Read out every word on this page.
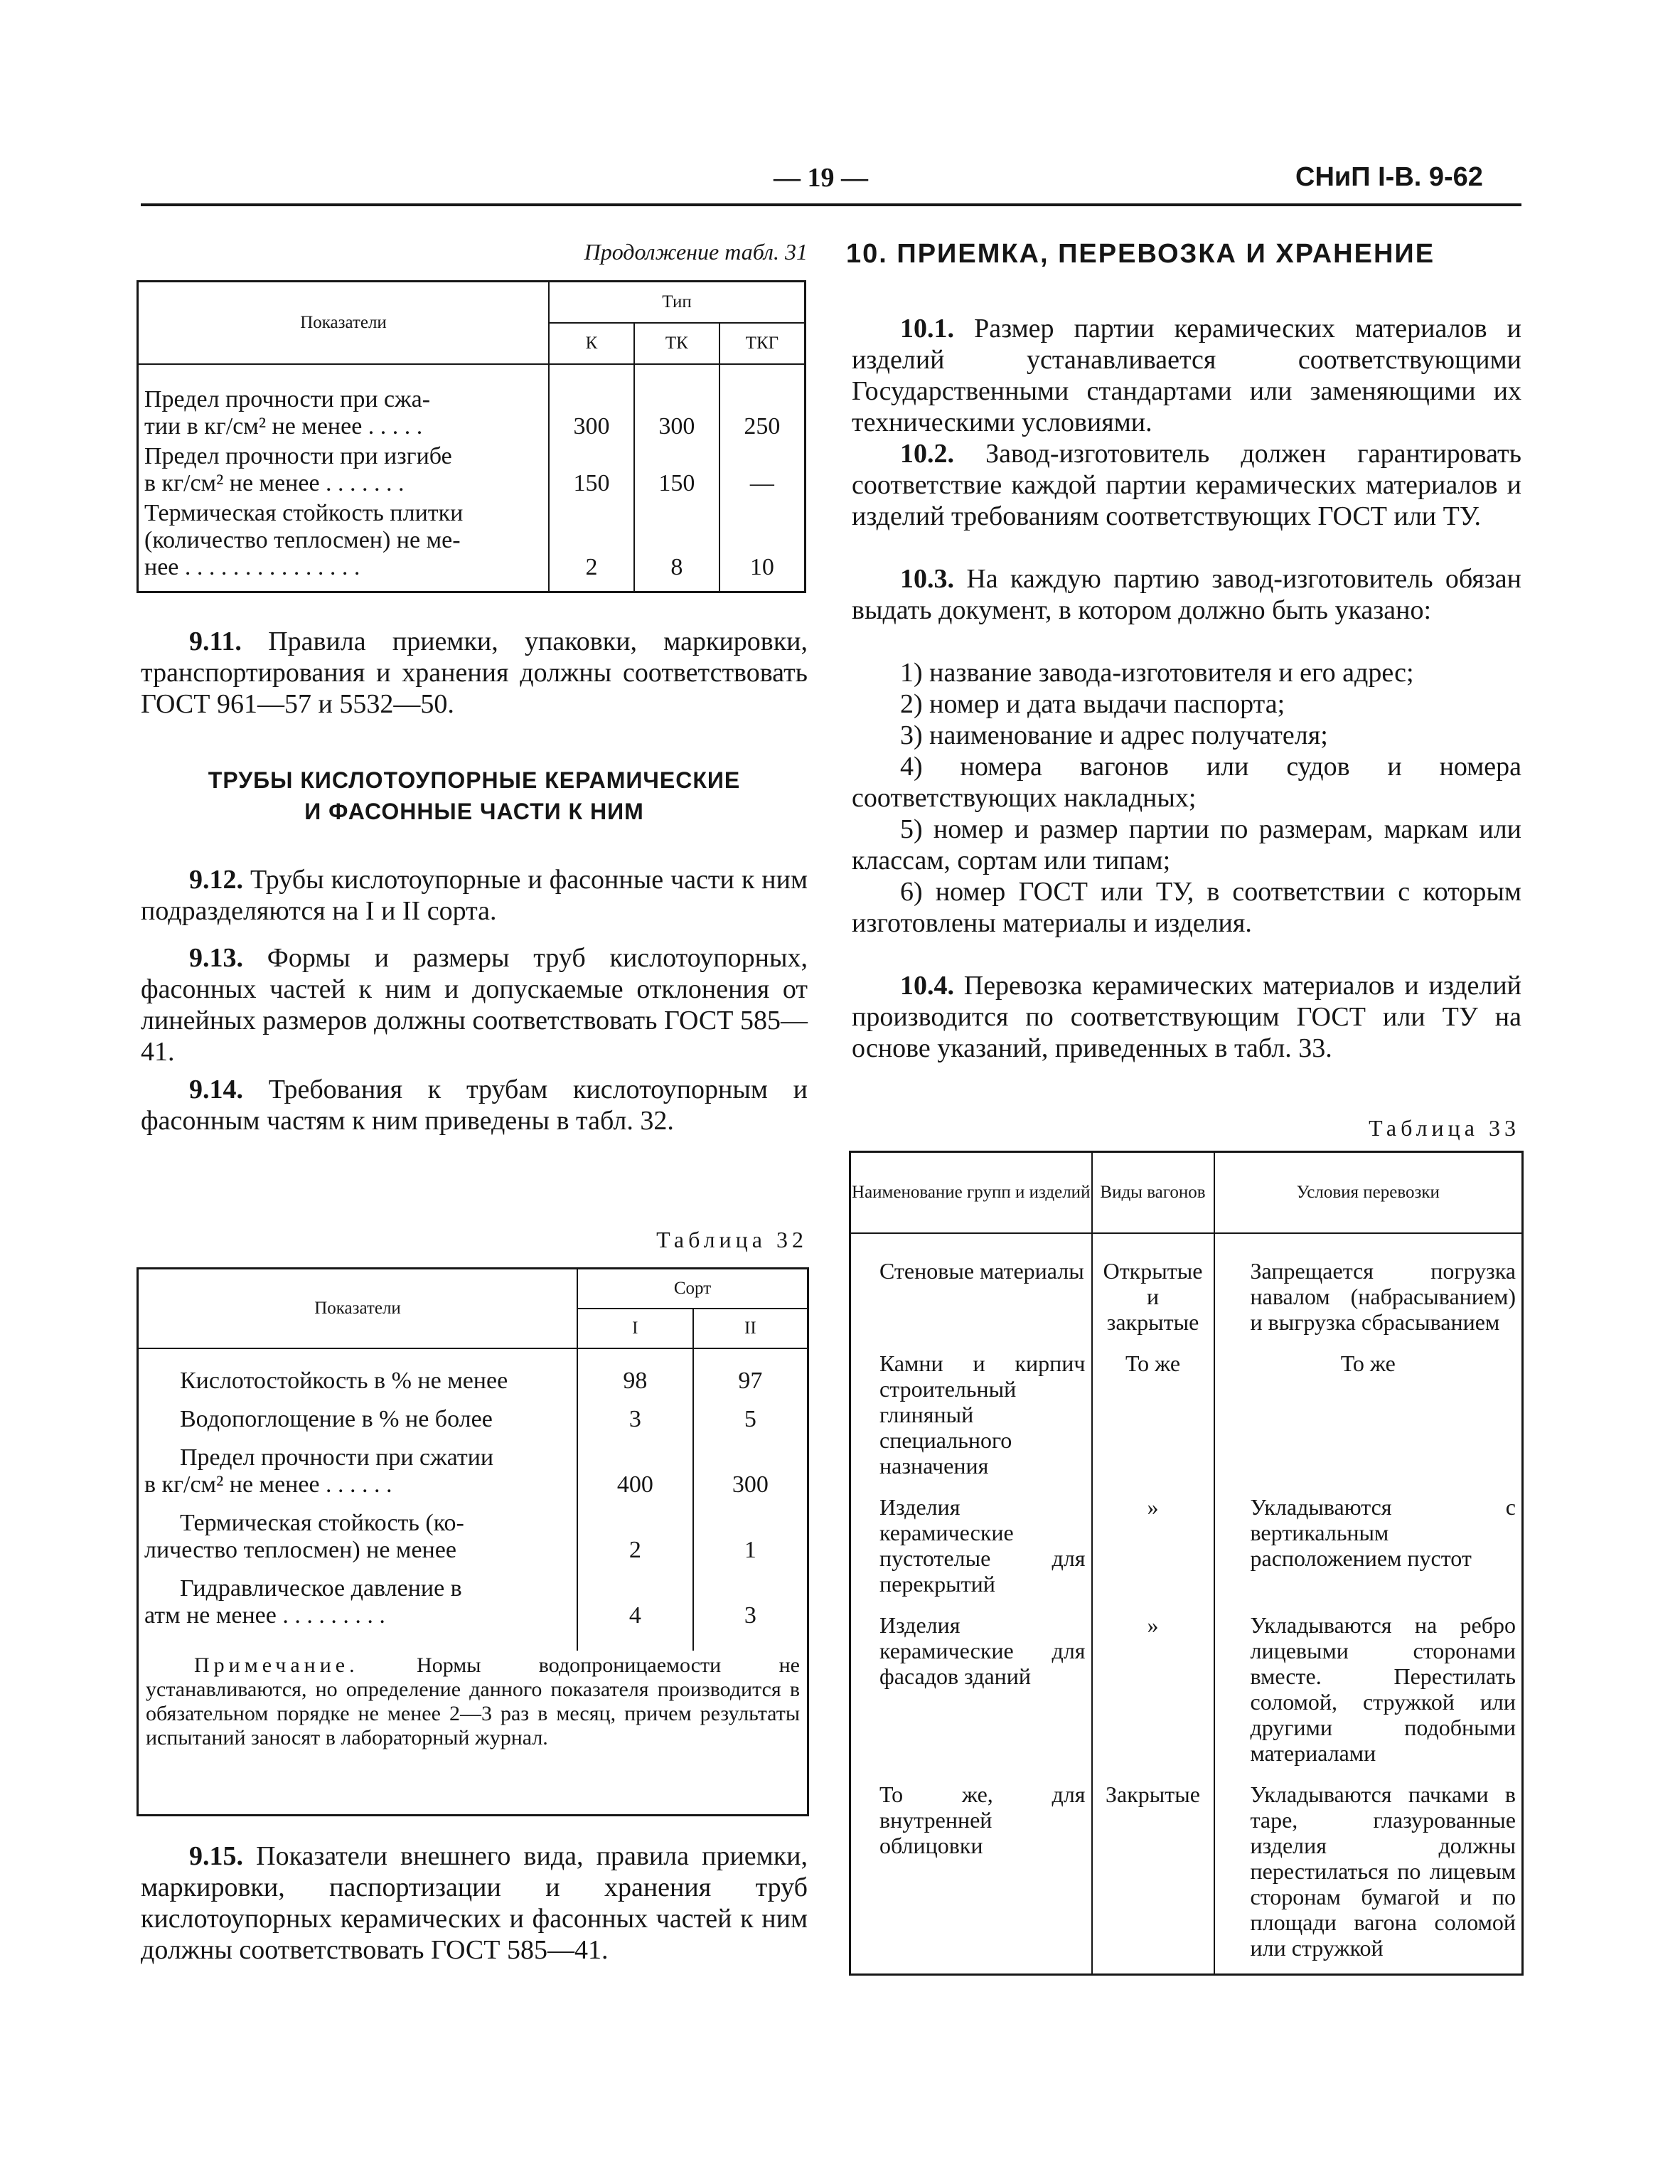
— 19 —	СНиП I-В. 9-62
Продолжение табл. 31
Показатели	Тип		
	К	ТК	ТКГ

Предел прочности при сжа-
тии в кг/см² не менее . . . . .	300	300	250

Предел прочности при изгибе
в кг/см² не менее . . . . . . .	150	150	—

Термическая стойкость плитки
(количество теплосмен) не ме-
нее . . . . . . . . . . . . . . .	2	8	10

9.11. Правила приемки, упаковки, маркировки, транспортирования и хранения должны соответствовать ГОСТ 961—57 и 5532—50.

ТРУБЫ КИСЛОТОУПОРНЫЕ КЕРАМИЧЕСКИЕ
И ФАСОННЫЕ ЧАСТИ К НИМ

9.12. Трубы кислотоупорные и фасонные части к ним подразделяются на I и II сорта.

9.13. Формы и размеры труб кислотоупорных, фасонных частей к ним и допускаемые отклонения от линейных размеров должны соответствовать ГОСТ 585—41.

9.14. Требования к трубам кислотоупорным и фасонным частям к ним приведены в табл. 32.

Таблица 32
Показатели	Сорт	
	I	II
Кислотостойкость в % не менее	98	97
Водопоглощение в % не более	3	5

Предел прочности при сжатии
в кг/см² не менее . . . . . .	400	300

Термическая стойкость (ко-
личество теплосмен) не менее	2	1

Гидравлическое давление в
атм не менее . . . . . . . . .	4	3
Примечание.	Нормы водопроницаемости не устанавливаются, но определение данного показателя производится в обязательном порядке не менее 2—3 раз в месяц, причем результаты испытаний заносят в лабораторный журнал.

9.15. Показатели внешнего вида, правила приемки, маркировки, паспортизации и хранения труб кислотоупорных керамических и фасонных частей к ним должны соответствовать ГОСТ 585—41.

10. ПРИЕМКА, ПЕРЕВОЗКА И ХРАНЕНИЕ

10.1. Размер партии керамических материалов и изделий устанавливается соответствующими Государственными стандартами или заменяющими их техническими условиями.

10.2. Завод-изготовитель должен гарантировать соответствие каждой партии керамических материалов и изделий требованиям соответствующих ГОСТ или ТУ.

10.3. На каждую партию завод-изготовитель обязан выдать документ, в котором должно быть указано:

1) название завода-изготовителя и его адрес;

2) номер и дата выдачи паспорта;

3) наименование и адрес получателя;

4) номера вагонов или судов и номера соответствующих накладных;

5) номер и размер партии по размерам, маркам или классам, сортам или типам;

6) номер ГОСТ или ТУ, в соответствии с которым изготовлены материалы и изделия.

10.4. Перевозка керамических материалов и изделий производится по соответствующим ГОСТ или ТУ на основе указаний, приведенных в табл. 33.

Таблица 33
Наименование групп и изделий	Виды вагонов	Условия перевозки
Стеновые материалы	Открытые и закрытые	Запрещается погрузка навалом (набрасыванием) и выгрузка сбрасыванием
Камни и кирпич строительный глиняный специального назначения	То же	То же
Изделия керамические пустотелые для перекрытий	»	Укладываются с вертикальным расположением пустот
Изделия керамические для фасадов зданий	»	Укладываются на ребро лицевыми сторонами вместе. Перестилать соломой, стружкой или другими подобными материалами
То же, для внутренней облицовки	Закрытые	Укладываются пачками в таре, глазурованные изделия должны перестилаться по лицевым сторонам бумагой и по площади вагона соломой или стружкой
